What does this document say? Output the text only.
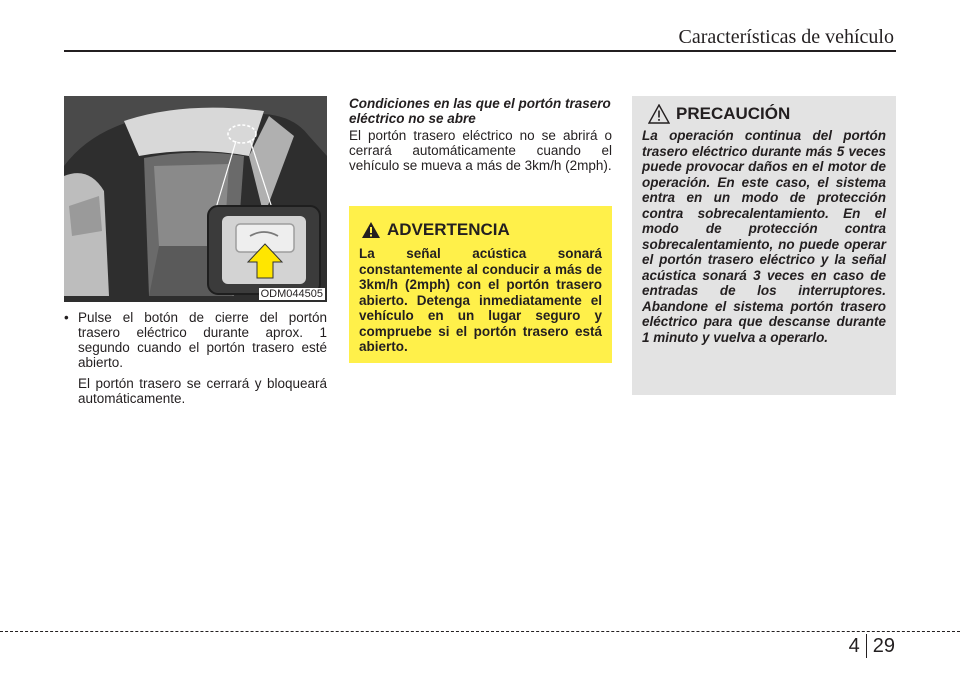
Características de vehículo
ODM044505
• Pulse el botón de cierre del portón trasero eléctrico durante aprox. 1 segundo cuando el portón trasero esté abierto.
El portón trasero se cerrará y bloqueará automáticamente.
Condiciones en las que el portón trasero eléctrico no se abre
El portón trasero eléctrico no se abrirá o cerrará automáticamente cuando el vehículo se mueva a más de 3km/h (2mph).
ADVERTENCIA
La señal acústica sonará constantemente al conducir a más de 3km/h (2mph) con el portón trasero abierto. Detenga inmediatamente el vehículo en un lugar seguro y compruebe si el portón trasero está abierto.
PRECAUCIÓN
La operación continua del portón trasero eléctrico durante más 5 veces puede provocar daños en el motor de operación. En este caso, el sistema entra en un modo de protección contra sobrecalentamiento. En el modo de protección contra sobrecalentamiento, no puede operar el portón trasero eléctrico y la señal acústica sonará 3 veces en caso de entradas de los interruptores. Abandone el sistema portón trasero eléctrico para que descanse durante 1 minuto y vuelva a operarlo.
4 29
